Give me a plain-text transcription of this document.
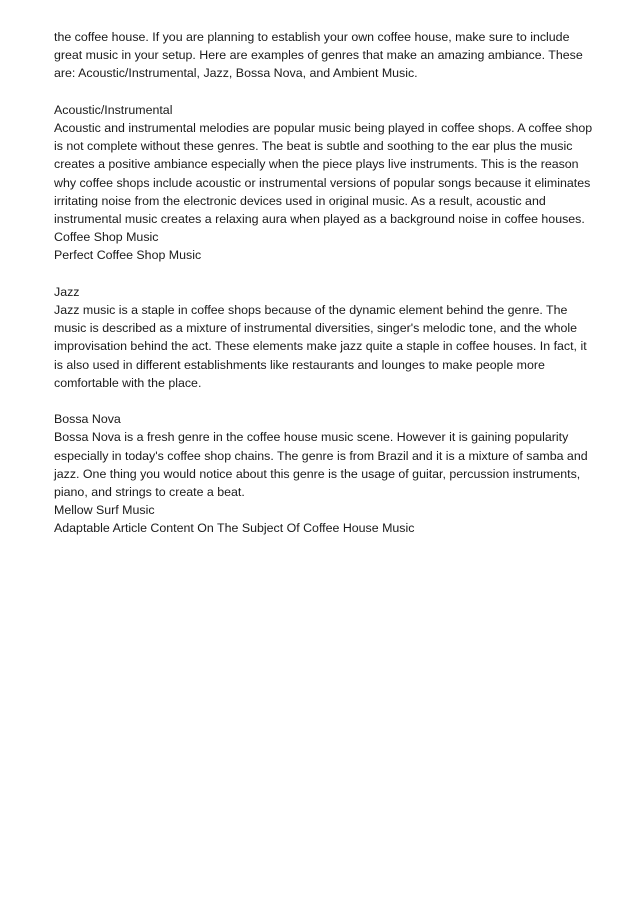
the coffee house. If you are planning to establish your own coffee house, make sure to include great music in your setup. Here are examples of genres that make an amazing ambiance. These are: Acoustic/Instrumental, Jazz, Bossa Nova, and Ambient Music.

Acoustic/Instrumental

Acoustic and instrumental melodies are popular music being played in coffee shops. A coffee shop is not complete without these genres. The beat is subtle and soothing to the ear plus the music creates a positive ambiance especially when the piece plays live instruments. This is the reason why coffee shops include acoustic or instrumental versions of popular songs because it eliminates irritating noise from the electronic devices used in original music. As a result, acoustic and instrumental music creates a relaxing aura when played as a background noise in coffee houses.

Coffee Shop Music

Perfect Coffee Shop Music

Jazz

Jazz music is a staple in coffee shops because of the dynamic element behind the genre. The music is described as a mixture of instrumental diversities, singer's melodic tone, and the whole improvisation behind the act. These elements make jazz quite a staple in coffee houses. In fact, it is also used in different establishments like restaurants and lounges to make people more comfortable with the place.

Bossa Nova

Bossa Nova is a fresh genre in the coffee house music scene. However it is gaining popularity especially in today's coffee shop chains. The genre is from Brazil and it is a mixture of samba and jazz. One thing you would notice about this genre is the usage of guitar, percussion instruments, piano, and strings to create a beat.

Mellow Surf Music

Adaptable Article Content On The Subject Of Coffee House Music
